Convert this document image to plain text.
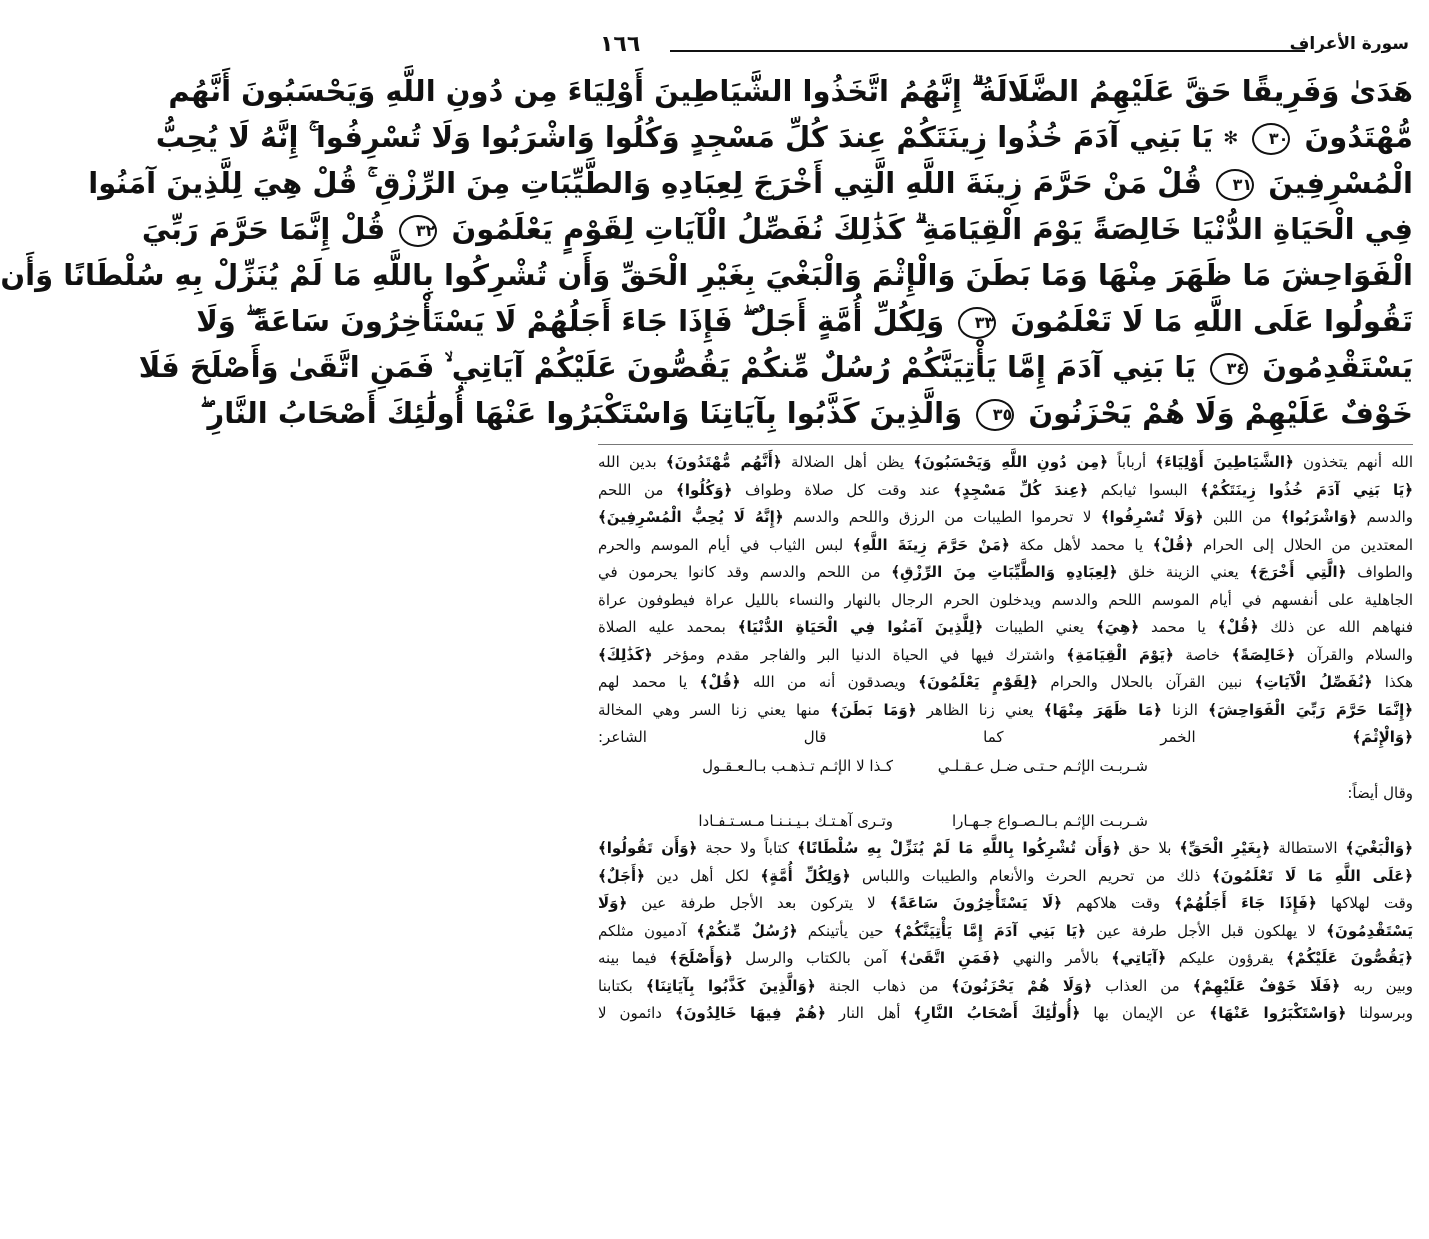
سورة الأعراف
١٦٦
هَدَىٰ وَفَرِيقًا حَقَّ عَلَيْهِمُ الضَّلَالَةُ ۗ إِنَّهُمُ اتَّخَذُوا الشَّيَاطِينَ أَوْلِيَاءَ مِن دُونِ اللَّهِ وَيَحْسَبُونَ أَنَّهُم
مُّهْتَدُونَ ٣٠ ✻ يَا بَنِي آدَمَ خُذُوا زِينَتَكُمْ عِندَ كُلِّ مَسْجِدٍ وَكُلُوا وَاشْرَبُوا وَلَا تُسْرِفُوا ۚ إِنَّهُ لَا يُحِبُّ
الْمُسْرِفِينَ ٣١ قُلْ مَنْ حَرَّمَ زِينَةَ اللَّهِ الَّتِي أَخْرَجَ لِعِبَادِهِ وَالطَّيِّبَاتِ مِنَ الرِّزْقِ ۚ قُلْ هِيَ لِلَّذِينَ آمَنُوا
فِي الْحَيَاةِ الدُّنْيَا خَالِصَةً يَوْمَ الْقِيَامَةِ ۗ كَذَٰلِكَ نُفَصِّلُ الْآيَاتِ لِقَوْمٍ يَعْلَمُونَ ٣٢ قُلْ إِنَّمَا حَرَّمَ رَبِّيَ
الْفَوَاحِشَ مَا ظَهَرَ مِنْهَا وَمَا بَطَنَ وَالْإِثْمَ وَالْبَغْيَ بِغَيْرِ الْحَقِّ وَأَن تُشْرِكُوا بِاللَّهِ مَا لَمْ يُنَزِّلْ بِهِ سُلْطَانًا وَأَن
تَقُولُوا عَلَى اللَّهِ مَا لَا تَعْلَمُونَ ٣٣ وَلِكُلِّ أُمَّةٍ أَجَلٌ ۖ فَإِذَا جَاءَ أَجَلُهُمْ لَا يَسْتَأْخِرُونَ سَاعَةً ۖ وَلَا
يَسْتَقْدِمُونَ ٣٤ يَا بَنِي آدَمَ إِمَّا يَأْتِيَنَّكُمْ رُسُلٌ مِّنكُمْ يَقُصُّونَ عَلَيْكُمْ آيَاتِي ۙ فَمَنِ اتَّقَىٰ وَأَصْلَحَ فَلَا
خَوْفٌ عَلَيْهِمْ وَلَا هُمْ يَحْزَنُونَ ٣٥ وَالَّذِينَ كَذَّبُوا بِآيَاتِنَا وَاسْتَكْبَرُوا عَنْهَا أُولَٰئِكَ أَصْحَابُ النَّارِ ۖ
الله أنهم يتخذون ﴿الشَّيَاطِينَ أَوْلِيَاءَ﴾ أرباباً ﴿مِن دُونِ اللَّهِ وَيَحْسَبُونَ﴾ يظن أهل الضلالة ﴿أَنَّهُم مُّهْتَدُونَ﴾ بدين الله
﴿يَا بَنِي آدَمَ خُذُوا زِينَتَكُمْ﴾ البسوا ثيابكم ﴿عِندَ كُلِّ مَسْجِدٍ﴾ عند وقت كل صلاة وطواف ﴿وَكُلُوا﴾ من اللحم
والدسم ﴿وَاشْرَبُوا﴾ من اللبن ﴿وَلَا تُسْرِفُوا﴾ لا تحرموا الطيبات من الرزق واللحم والدسم ﴿إِنَّهُ لَا يُحِبُّ الْمُسْرِفِينَ﴾
المعتدين من الحلال إلى الحرام ﴿قُلْ﴾ يا محمد لأهل مكة ﴿مَنْ حَرَّمَ زِينَةَ اللَّهِ﴾ لبس الثياب في أيام الموسم والحرم
والطواف ﴿الَّتِي أَخْرَجَ﴾ يعني الزينة خلق ﴿لِعِبَادِهِ وَالطَّيِّبَاتِ مِنَ الرِّزْقِ﴾ من اللحم والدسم وقد كانوا يحرمون في
الجاهلية على أنفسهم في أيام الموسم اللحم والدسم ويدخلون الحرم الرجال بالنهار والنساء بالليل عراة فيطوفون عراة
فنهاهم الله عن ذلك ﴿قُلْ﴾ يا محمد ﴿هِيَ﴾ يعني الطيبات ﴿لِلَّذِينَ آمَنُوا فِي الْحَيَاةِ الدُّنْيَا﴾ بمحمد عليه الصلاة
والسلام والقرآن ﴿خَالِصَةً﴾ خاصة ﴿يَوْمَ الْقِيَامَةِ﴾ واشترك فيها في الحياة الدنيا البر والفاجر مقدم ومؤخر ﴿كَذَٰلِكَ﴾
هكذا ﴿نُفَصِّلُ الْآيَاتِ﴾ نبين القرآن بالحلال والحرام ﴿لِقَوْمٍ يَعْلَمُونَ﴾ ويصدقون أنه من الله ﴿قُلْ﴾ يا محمد لهم
﴿إِنَّمَا حَرَّمَ رَبِّيَ الْفَوَاحِشَ﴾ الزنا ﴿مَا ظَهَرَ مِنْهَا﴾ يعني زنا الظاهر ﴿وَمَا بَطَنَ﴾ منها يعني زنا السر وهي المخالة
﴿وَالْإِثْمَ﴾ الخمر كما قال الشاعر:
شـربـت الإثـم حـتـى ضـل عـقـلـي
كـذا لا الإثـم تـذهـب بـالـعـقـول
وقال أيضاً:
شـربـت الإثـم بـالـصـواع جـهـارا
وتـرى آهـتـك بـيـنـنـا مـسـتـفـادا
﴿وَالْبَغْيَ﴾ الاستطالة ﴿بِغَيْرِ الْحَقِّ﴾ بلا حق ﴿وَأَن تُشْرِكُوا بِاللَّهِ مَا لَمْ يُنَزِّلْ بِهِ سُلْطَانًا﴾ كتاباً ولا حجة ﴿وَأَن تَقُولُوا﴾
﴿عَلَى اللَّهِ مَا لَا تَعْلَمُونَ﴾ ذلك من تحريم الحرث والأنعام والطيبات واللباس ﴿وَلِكُلِّ أُمَّةٍ﴾ لكل أهل دين ﴿أَجَلٌ﴾
وقت لهلاكها ﴿فَإِذَا جَاءَ أَجَلُهُمْ﴾ وقت هلاكهم ﴿لَا يَسْتَأْخِرُونَ سَاعَةً﴾ لا يتركون بعد الأجل طرفة عين ﴿وَلَا
يَسْتَقْدِمُونَ﴾ لا يهلكون قبل الأجل طرفة عين ﴿يَا بَنِي آدَمَ إِمَّا يَأْتِيَنَّكُمْ﴾ حين يأتينكم ﴿رُسُلٌ مِّنكُمْ﴾ آدميون مثلكم
﴿يَقُصُّونَ عَلَيْكُمْ﴾ يقرؤون عليكم ﴿آيَاتِي﴾ بالأمر والنهي ﴿فَمَنِ اتَّقَىٰ﴾ آمن بالكتاب والرسل ﴿وَأَصْلَحَ﴾ فيما بينه
وبين ربه ﴿فَلَا خَوْفٌ عَلَيْهِمْ﴾ من العذاب ﴿وَلَا هُمْ يَحْزَنُونَ﴾ من ذهاب الجنة ﴿وَالَّذِينَ كَذَّبُوا بِآيَاتِنَا﴾ بكتابنا
وبرسولنا ﴿وَاسْتَكْبَرُوا عَنْهَا﴾ عن الإيمان بها ﴿أُولَٰئِكَ أَصْحَابُ النَّارِ﴾ أهل النار ﴿هُمْ فِيهَا خَالِدُونَ﴾ دائمون لا
